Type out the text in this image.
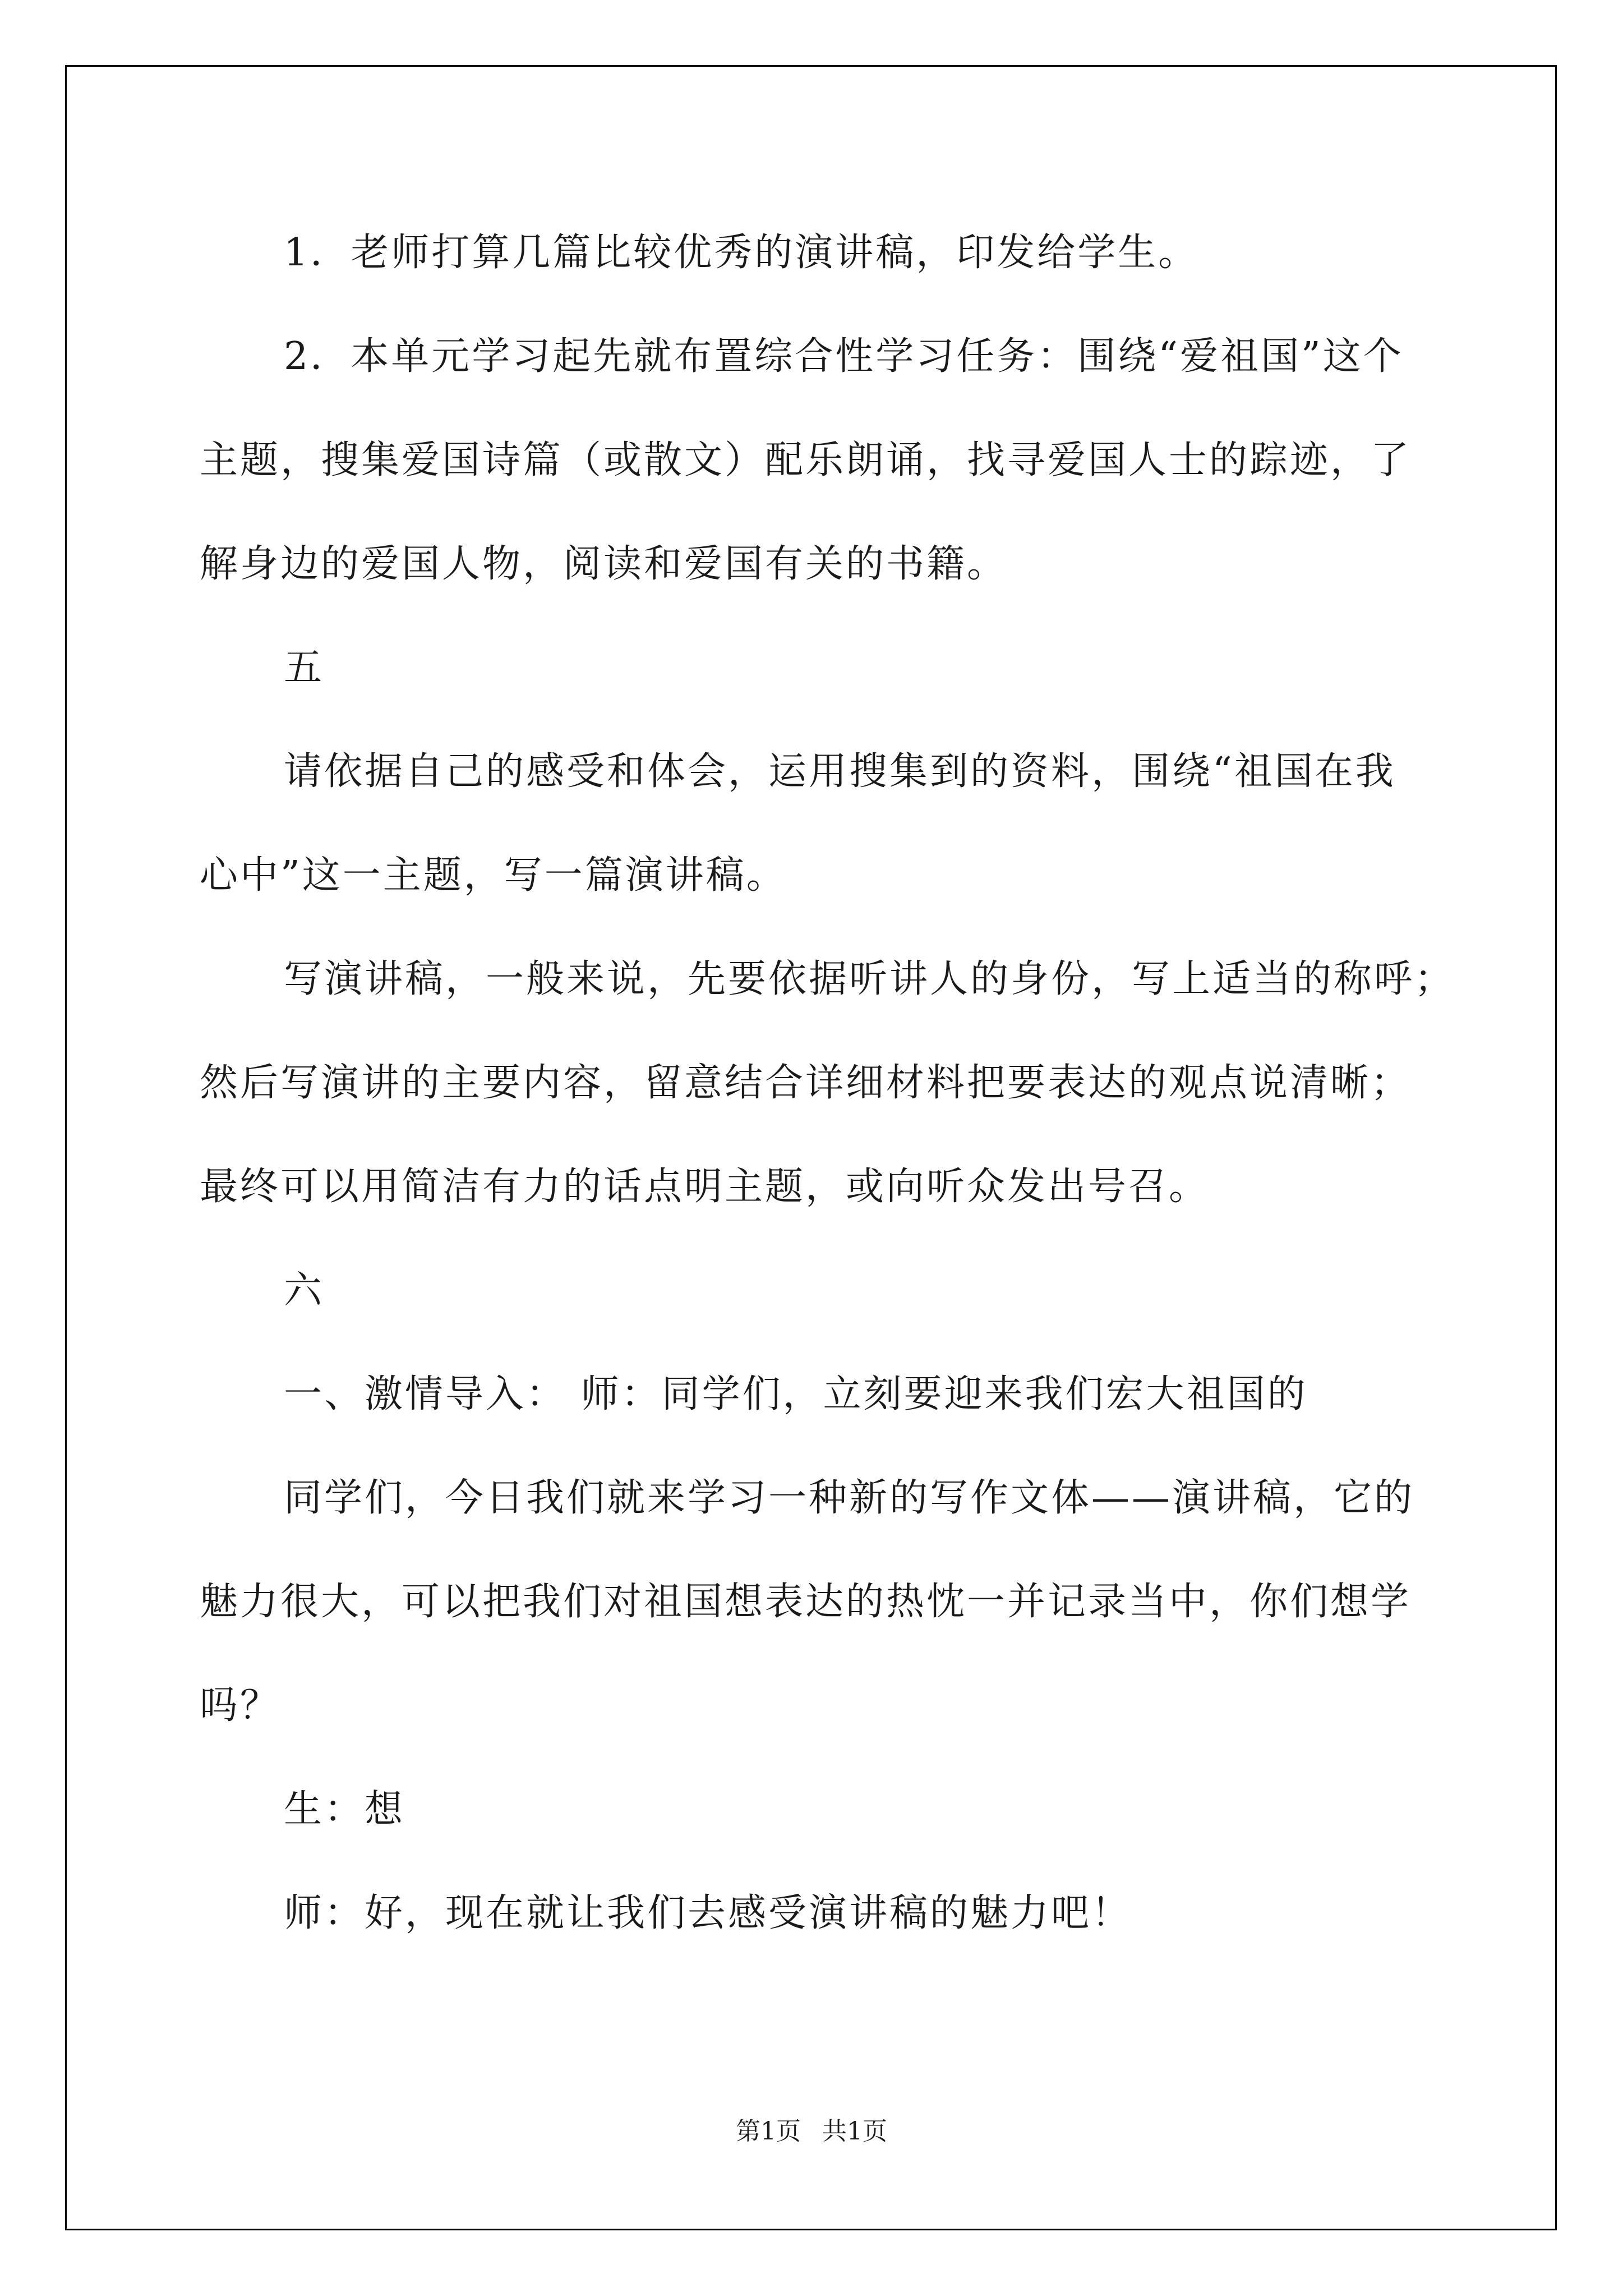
1．老师打算几篇比较优秀的演讲稿，印发给学生。
2．本单元学习起先就布置综合性学习任务：围绕“爱祖国”这个
主题，搜集爱国诗篇（或散文）配乐朗诵，找寻爱国人士的踪迹，了
解身边的爱国人物，阅读和爱国有关的书籍。
五
请依据自己的感受和体会，运用搜集到的资料，围绕“祖国在我
心中”这一主题，写一篇演讲稿。
写演讲稿，一般来说，先要依据听讲人的身份，写上适当的称呼；
然后写演讲的主要内容，留意结合详细材料把要表达的观点说清晰；
最终可以用简洁有力的话点明主题，或向听众发出号召。
六
一、激情导入： 师：同学们，立刻要迎来我们宏大祖国的
同学们，今日我们就来学习一种新的写作文体——演讲稿，它的
魅力很大，可以把我们对祖国想表达的热忱一并记录当中，你们想学
吗？
生：想
师：好，现在就让我们去感受演讲稿的魅力吧！
第1页 共1页
